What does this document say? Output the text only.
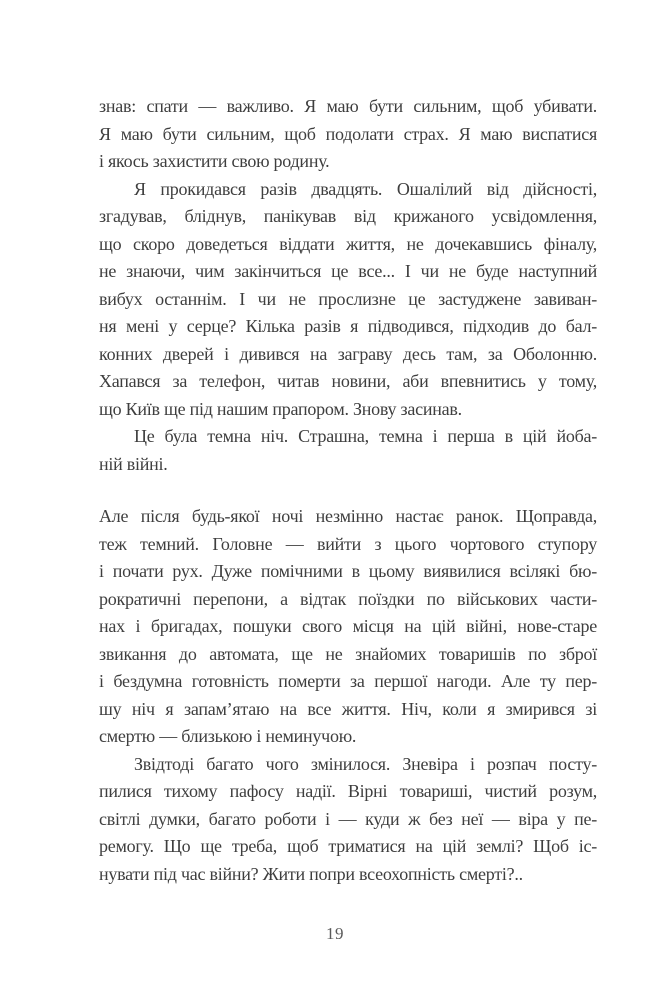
знав: спати — важливо. Я маю бути сильним, щоб убивати.
Я маю бути сильним, щоб подолати страх. Я маю виспатися
і якось захистити свою родину.
Я прокидався разів двадцять. Ошалілий від дійсності,
згадував, бліднув, панікував від крижаного усвідомлення,
що скоро доведеться віддати життя, не дочекавшись фіналу,
не знаючи, чим закінчиться це все... І чи не буде наступний
вибух останнім. І чи не прослизне це застуджене завиван-
ня мені у серце? Кілька разів я підводився, підходив до бал-
конних дверей і дивився на заграву десь там, за Оболонню.
Хапався за телефон, читав новини, аби впевнитись у тому,
що Київ ще під нашим прапором. Знову засинав.
Це була темна ніч. Страшна, темна і перша в цій йоба-
ній війні.
Але після будь-якої ночі незмінно настає ранок. Щоправда,
теж темний. Головне — вийти з цього чортового ступору
і почати рух. Дуже помічними в цьому виявилися всілякі бю-
рократичні перепони, а відтак поїздки по військових части-
нах і бригадах, пошуки свого місця на цій війні, нове-старе
звикання до автомата, ще не знайомих товаришів по зброї
і бездумна готовність померти за першої нагоди. Але ту пер-
шу ніч я запам’ятаю на все життя. Ніч, коли я змирився зі
смертю — близькою і неминучою.
Звідтоді багато чого змінилося. Зневіра і розпач посту-
пилися тихому пафосу надії. Вірні товариші, чистий розум,
світлі думки, багато роботи і — куди ж без неї — віра у пе-
ремогу. Що ще треба, щоб триматися на цій землі? Щоб іс-
нувати під час війни? Жити попри всеохопність смерті?..
19
